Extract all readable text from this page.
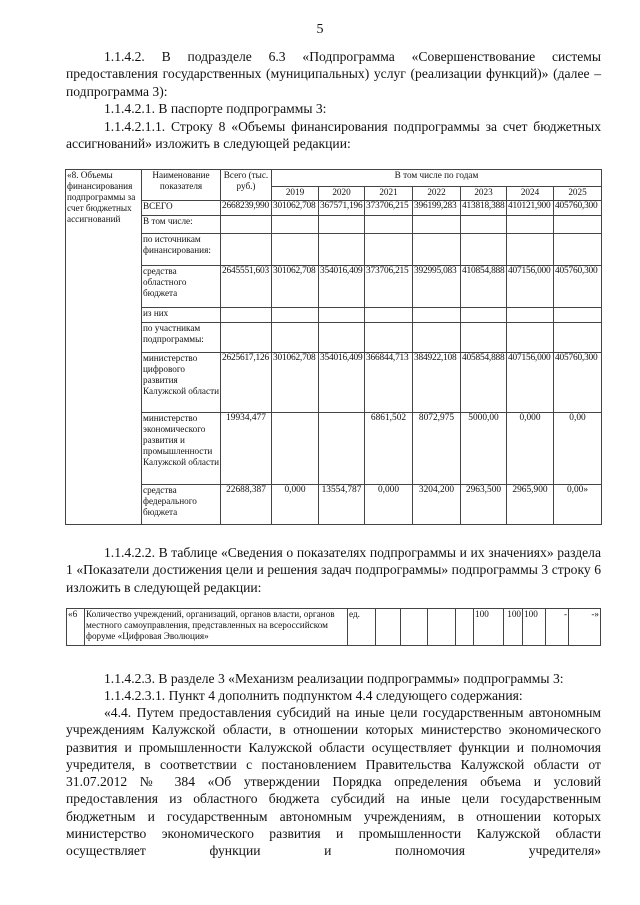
5

1.1.4.2. В подразделе 6.3 «Подпрограмма «Совершенствование системы предоставления государственных (муниципальных) услуг (реализации функций)» (далее – подпрограмма 3):

1.1.4.2.1. В паспорте подпрограммы 3:

1.1.4.2.1.1. Строку 8 «Объемы финансирования подпрограммы за счет бюджетных ассигнований» изложить в следующей редакции:

«8. Объемы финансирования подпрограммы за счет бюджетных ассигнований	Наименование показателя	Всего (тыс. руб.)	В том числе по годам						
			2019	2020	2021	2022	2023	2024	2025
	ВСЕГО	2668239,990	301062,708	367571,196	373706,215	396199,283	413818,388	410121,900	405760,300
	В том числе:								
	по источникам финансирования:								
	средства областного бюджета	2645551,603	301062,708	354016,409	373706,215	392995,083	410854,888	407156,000	405760,300
	из них								
	по участникам подпрограммы:								
	министерство цифрового развития Калужской области	2625617,126	301062,708	354016,409	366844,713	384922,108	405854,888	407156,000	405760,300
	министерство экономического развития и промышленности Калужской области	19934,477			6861,502	8072,975	5000,00	0,000	0,00
	средства федерального бюджета	22688,387	0,000	13554,787	0,000	3204,200	2963,500	2965,900	0,00»

1.1.4.2.2. В таблице «Сведения о показателях подпрограммы и их значениях» раздела 1 «Показатели достижения цели и решения задач подпрограммы» подпрограммы 3 строку 6 изложить в следующей редакции:

«6	Количество учреждений, организаций, органов власти, органов местного самоуправления, представленных на всероссийском форуме «Цифровая Эволюция»	ед.					100	100	100	-	-»

1.1.4.2.3. В разделе 3 «Механизм реализации подпрограммы» подпрограммы 3:

1.1.4.2.3.1. Пункт 4 дополнить подпунктом 4.4 следующего содержания:

«4.4. Путем предоставления субсидий на иные цели государственным автономным учреждениям Калужской области, в отношении которых министерство экономического развития и промышленности Калужской области осуществляет функции и полномочия учредителя, в соответствии с постановлением Правительства Калужской области от 31.07.2012 № 384 «Об утверждении Порядка определения объема и условий предоставления из областного бюджета субсидий на иные цели государственным бюджетным и государственным автономным учреждениям, в отношении которых министерство экономического развития и промышленности Калужской области осуществляет функции и полномочия учредителя»
